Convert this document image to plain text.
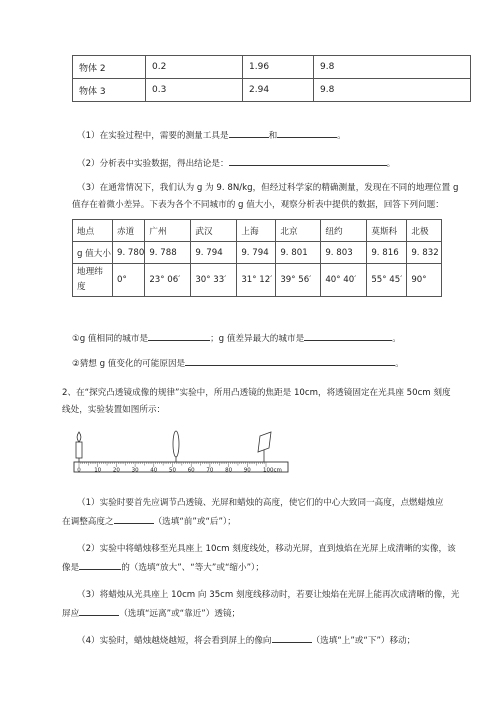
物体 2	0.2	1.96	9.8
物体 3	0.3	2.94	9.8
（1）在实验过程中，需要的测量工具是	和	。
（2）分析表中实验数据，得出结论是：	。
（3）在通常情况下，我们认为 g 为 9. 8N/kg，但经过科学家的精确测量，发现在不同的地理位置 g
值存在着微小差异。下表为各个不同城市的 g 值大小，观察分析表中提供的数据，回答下列问题：
地点	赤道	广州	武汉	上海	北京	纽约	莫斯科	北极
g 值大小	9. 780	9. 788	9. 794	9. 794	9. 801	9. 803	9. 816	9. 832
地理纬
度	0°	23° 06′	30° 33′	31° 12′	39° 56′	40° 40′	55° 45′	90°
①g 值相同的城市是	；g 值差异最大的城市是	。
②猜想 g 值变化的可能原因是	。
2、在“探究凸透镜成像的规律”实验中，所用凸透镜的焦距是 10cm，将透镜固定在光具座 50cm 刻度
线处，实验装置如图所示：
0 10 20 30 40 50 60 70 80 90 100cm
（1）实验时要首先应调节凸透镜、光屏和蜡烛的高度，使它们的中心大致同一高度，点燃蜡烛应
在调整高度之	（选填“前”或“后”）；
（2）实验中将蜡烛移至光具座上 10cm 刻度线处，移动光屏，直到烛焰在光屏上成清晰的实像，该
像是	的（选填“放大”、“等大”或“缩小”）；
（3）将蜡烛从光具座上 10cm 向 35cm 刻度线移动时，若要让烛焰在光屏上能再次成清晰的像，光
屏应	（选填“远离”或“靠近”）透镜；
（4）实验时，蜡烛越烧越短，将会看到屏上的像向	（选填“上”或“下”）移动；
